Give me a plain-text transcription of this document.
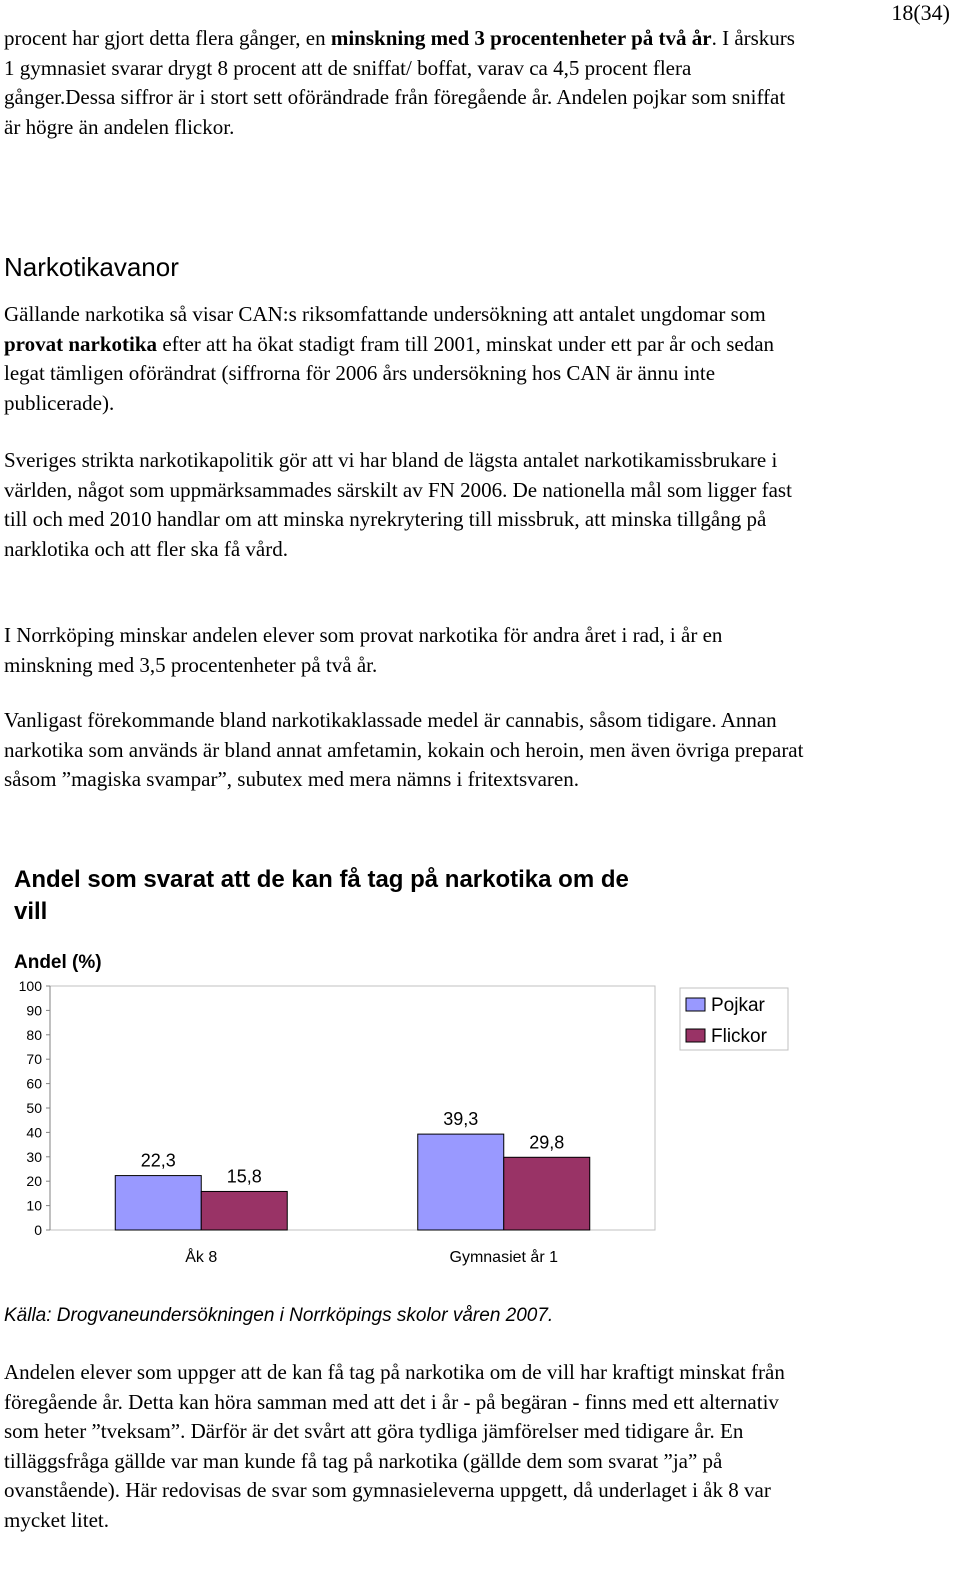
18(34)

procent har gjort detta flera gånger, en minskning med 3 procentenheter på två år. I årskurs 1 gymnasiet svarar drygt 8 procent att de sniffat/ boffat, varav ca 4,5 procent flera gånger.Dessa siffror är i stort sett oförändrade från föregående år. Andelen pojkar som sniffat är högre än andelen flickor.

Narkotikavanor

Gällande narkotika så visar CAN:s riksomfattande undersökning att antalet ungdomar som provat narkotika efter att ha ökat stadigt fram till 2001, minskat under ett par år och sedan legat tämligen oförändrat (siffrorna för 2006 års undersökning hos CAN är ännu inte publicerade).

Sveriges strikta narkotikapolitik gör att vi har bland de lägsta antalet narkotikamissbrukare i världen, något som uppmärksammades särskilt av FN 2006. De nationella mål som ligger fast till och med 2010 handlar om att minska nyrekrytering till missbruk, att minska tillgång på narklotika och att fler ska få vård.

I Norrköping minskar andelen elever som provat narkotika för andra året i rad, i år en minskning med 3,5 procentenheter på två år.

Vanligast förekommande bland narkotikaklassade medel är cannabis, såsom tidigare. Annan narkotika som används är bland annat amfetamin, kokain och heroin, men även övriga preparat såsom ”magiska svampar”, subutex med mera nämns i fritextsvaren.

Andel som svarat att de kan få tag på narkotika om de vill
Andel (%)
0
10
20
30
40
50
60
70
80
90
100
22,3
15,8
Åk 8
39,3
29,8
Gymnasiet år 1
Pojkar
Flickor

Källa: Drogvaneundersökningen i Norrköpings skolor våren 2007.

Andelen elever som uppger att de kan få tag på narkotika om de vill har kraftigt minskat från föregående år. Detta kan höra samman med att det i år - på begäran - finns med ett alternativ som heter ”tveksam”. Därför är det svårt att göra tydliga jämförelser med tidigare år. En tilläggsfråga gällde var man kunde få tag på narkotika (gällde dem som svarat ”ja” på ovanstående). Här redovisas de svar som gymnasieleverna uppgett, då underlaget i åk 8 var mycket litet.
